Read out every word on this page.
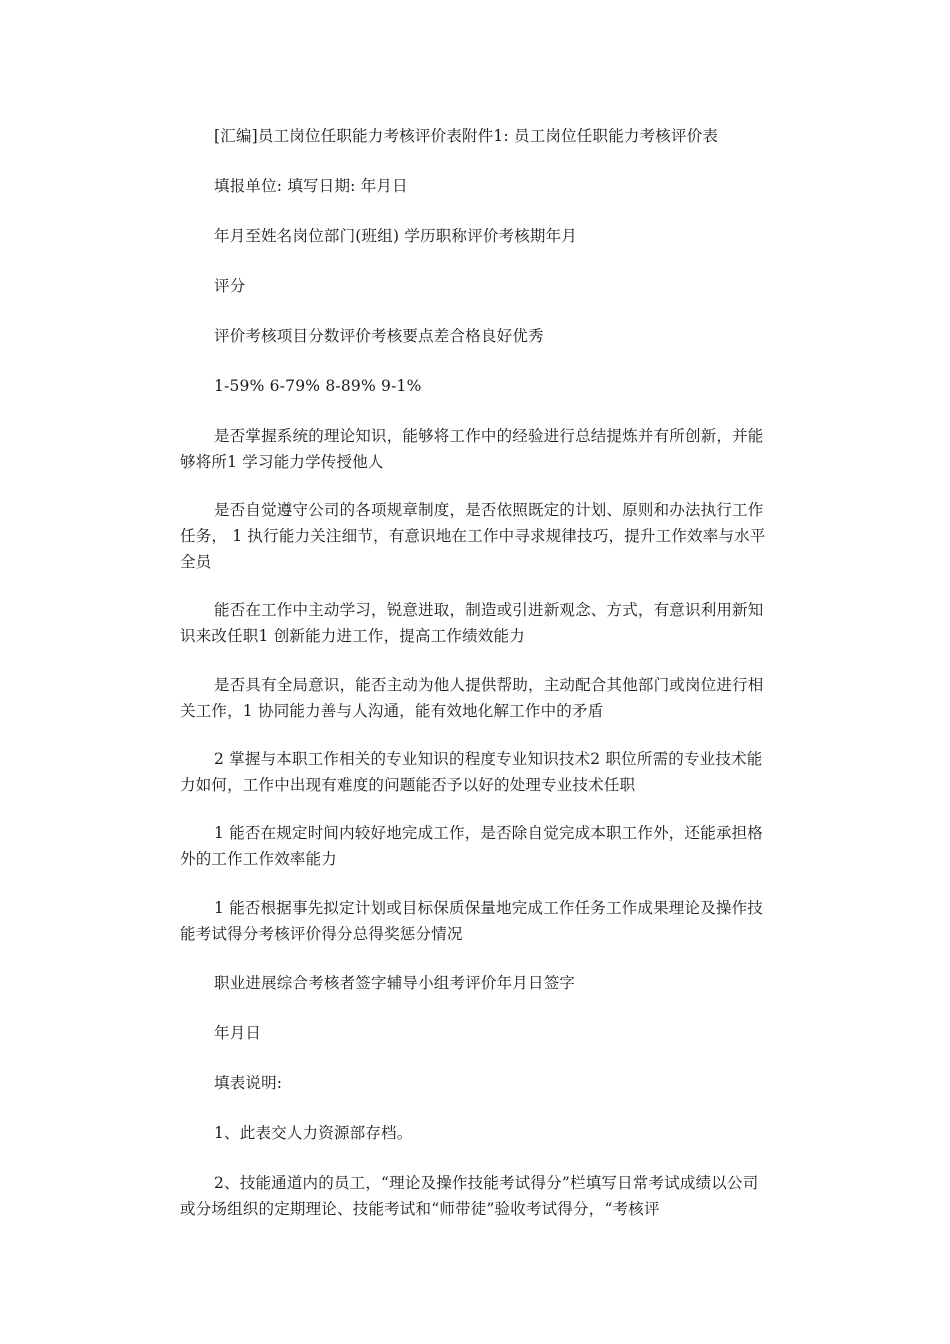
[汇编]员工岗位任职能力考核评价表附件1: 员工岗位任职能力考核评价表

填报单位: 填写日期: 年月日

年月至姓名岗位部门(班组) 学历职称评价考核期年月

评分

评价考核项目分数评价考核要点差合格良好优秀

1-59% 6-79% 8-89% 9-1%

是否掌握系统的理论知识，能够将工作中的经验进行总结提炼并有所创新，并能够将所1 学习能力学传授他人

是否自觉遵守公司的各项规章制度，是否依照既定的计划、原则和办法执行工作任务， 1 执行能力关注细节，有意识地在工作中寻求规律技巧，提升工作效率与水平全员

能否在工作中主动学习，锐意进取，制造或引进新观念、方式，有意识利用新知识来改任职1 创新能力进工作，提高工作绩效能力

是否具有全局意识，能否主动为他人提供帮助，主动配合其他部门或岗位进行相关工作，1 协同能力善与人沟通，能有效地化解工作中的矛盾

2 掌握与本职工作相关的专业知识的程度专业知识技术2 职位所需的专业技术能力如何，工作中出现有难度的问题能否予以好的处理专业技术任职

1 能否在规定时间内较好地完成工作，是否除自觉完成本职工作外，还能承担格外的工作工作效率能力

1 能否根据事先拟定计划或目标保质保量地完成工作任务工作成果理论及操作技能考试得分考核评价得分总得奖惩分情况

职业进展综合考核者签字辅导小组考评价年月日签字

年月日

填表说明:

1、此表交人力资源部存档。

2、技能通道内的员工，“理论及操作技能考试得分”栏填写日常考试成绩以公司或分场组织的定期理论、技能考试和“师带徒”验收考试得分，“考核评
